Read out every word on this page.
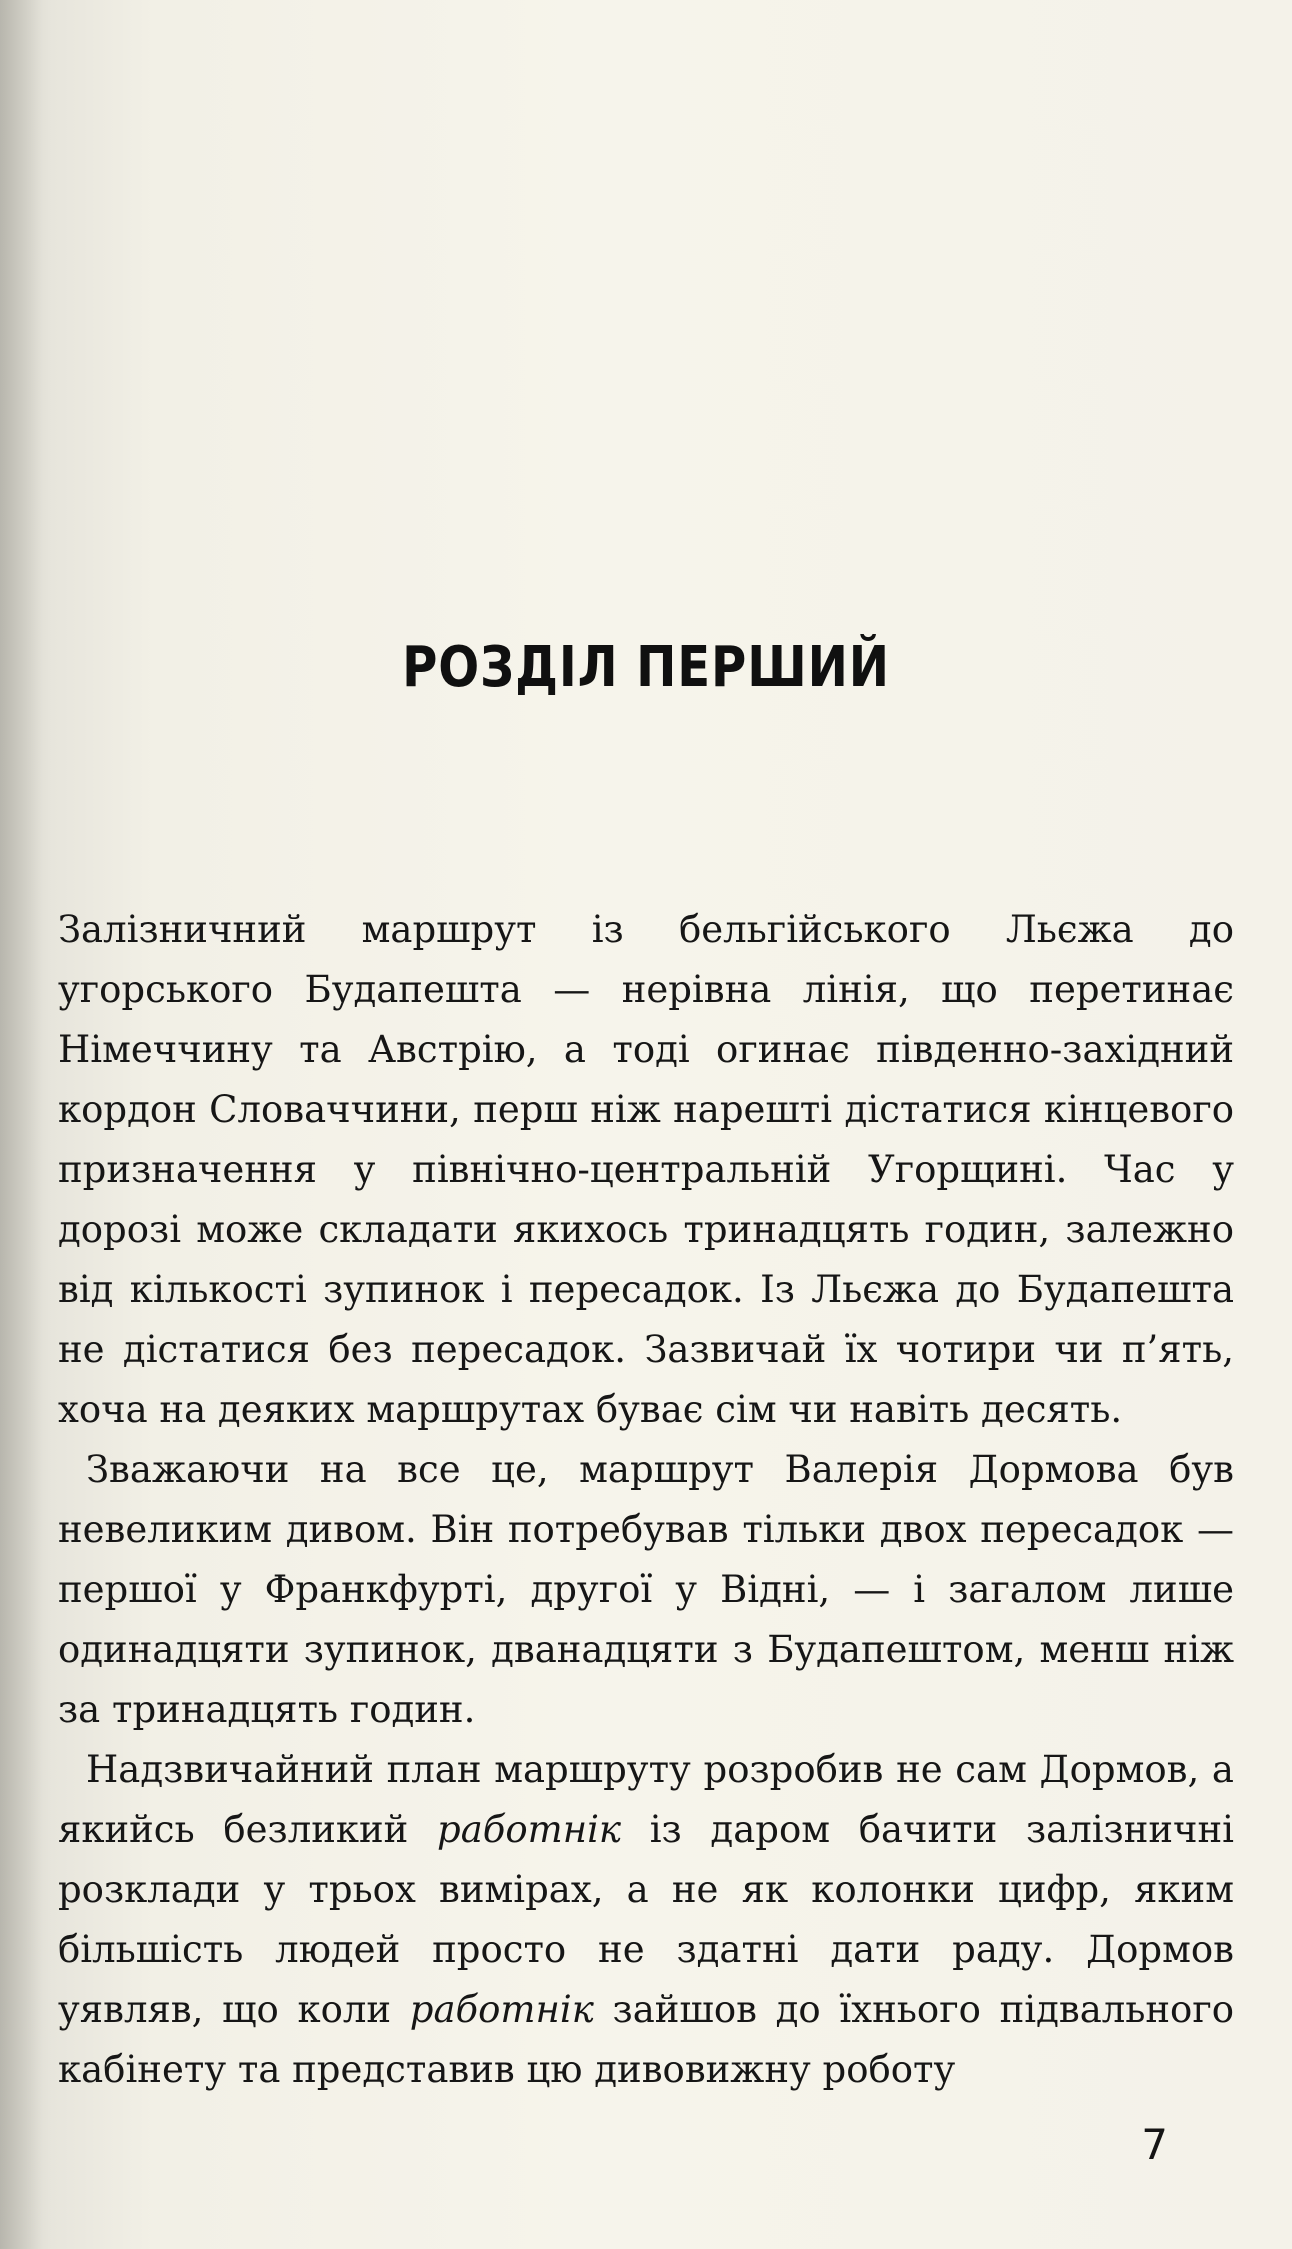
РОЗДІЛ ПЕРШИЙ

Залізничний маршрут із бельгійського Льєжа до угорського Будапешта — нерівна лінія, що перетинає Німеччину та Австрію, а тоді огинає південно-західний кордон Словаччини, перш ніж нарешті дістатися кінцевого призначення у північно-центральній Угорщині. Час у дорозі може складати якихось тринадцять годин, залежно від кількості зупинок і пересадок. Із Льєжа до Будапешта не дістатися без пересадок. Зазвичай їх чотири чи п’ять, хоча на деяких маршрутах буває сім чи навіть десять.

Зважаючи на все це, маршрут Валерія Дормова був невеликим дивом. Він потребував тільки двох пересадок — першої у Франкфурті, другої у Відні, — і загалом лише одинадцяти зупинок, дванадцяти з Будапештом, менш ніж за тринадцять годин.

Надзвичайний план маршруту розробив не сам Дормов, а якийсь безликий работнік із даром бачити залізничні розклади у трьох вимірах, а не як колонки цифр, яким більшість людей просто не здатні дати раду. Дормов уявляв, що коли работнік зайшов до їхнього підвального кабінету та представив цю дивовижну роботу

7
